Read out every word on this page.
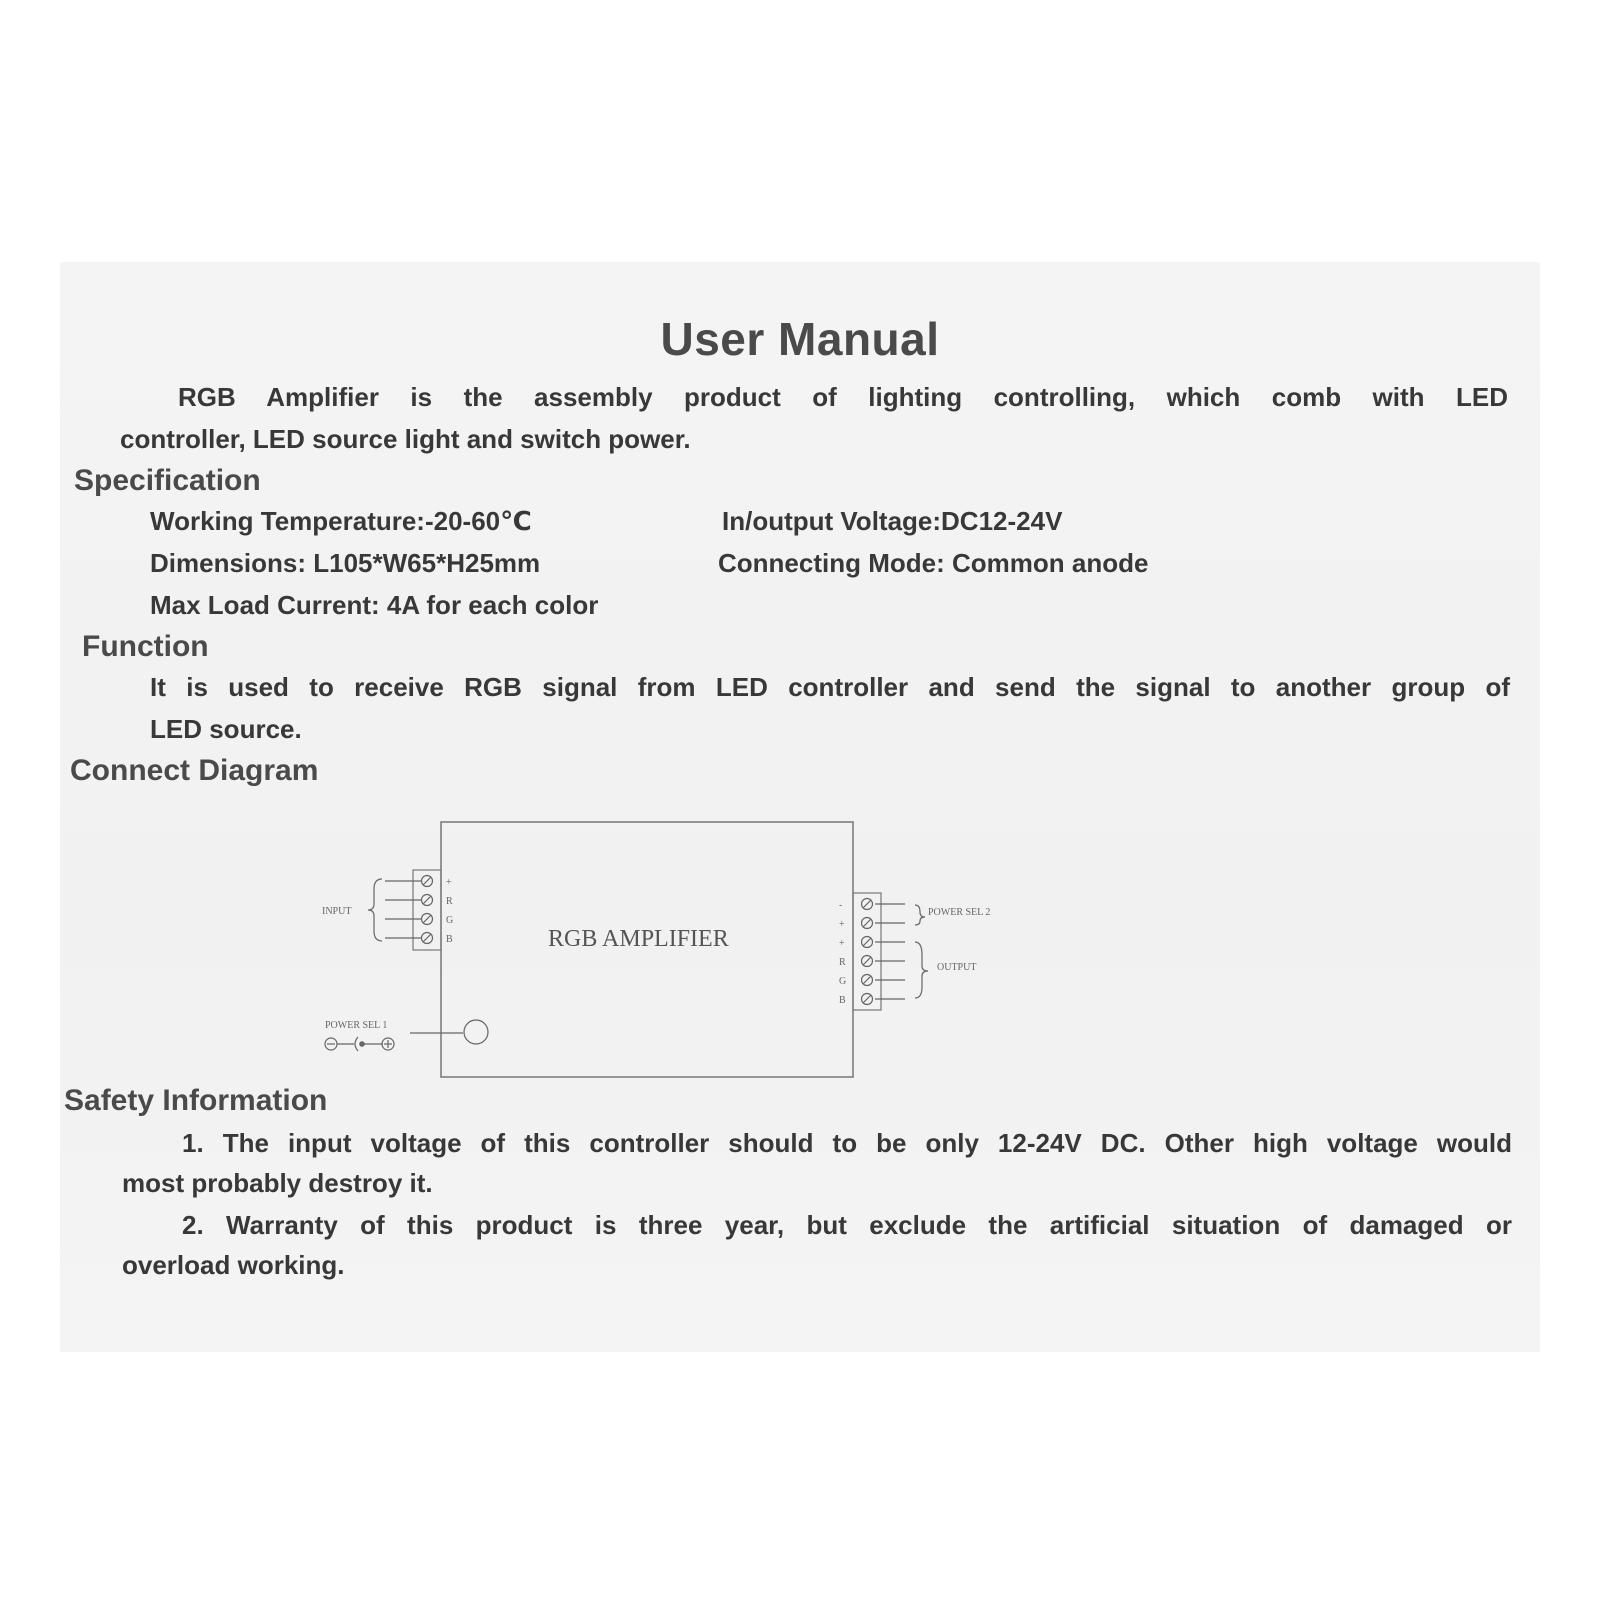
User Manual
RGB Amplifier is the assembly product of lighting controlling, which comb with LED
controller, LED source light and switch power.
Specification
Working Temperature:-20-60℃	In/output Voltage:DC12-24V
Dimensions: L105*W65*H25mm	Connecting Mode: Common anode
Max Load Current: 4A for each color
Function
It is used to receive RGB signal from LED controller and send the signal to another group of
LED source.
Connect Diagram
RGB AMPLIFIER
+
R
G
B
INPUT
-
+
+
R
G
B
POWER SEL 2
OUTPUT
POWER SEL 1
Safety Information
1. The input voltage of this controller should to be only 12-24V DC. Other high voltage would
most probably destroy it.
2. Warranty of this product is three year, but exclude the artificial situation of damaged or
overload working.
